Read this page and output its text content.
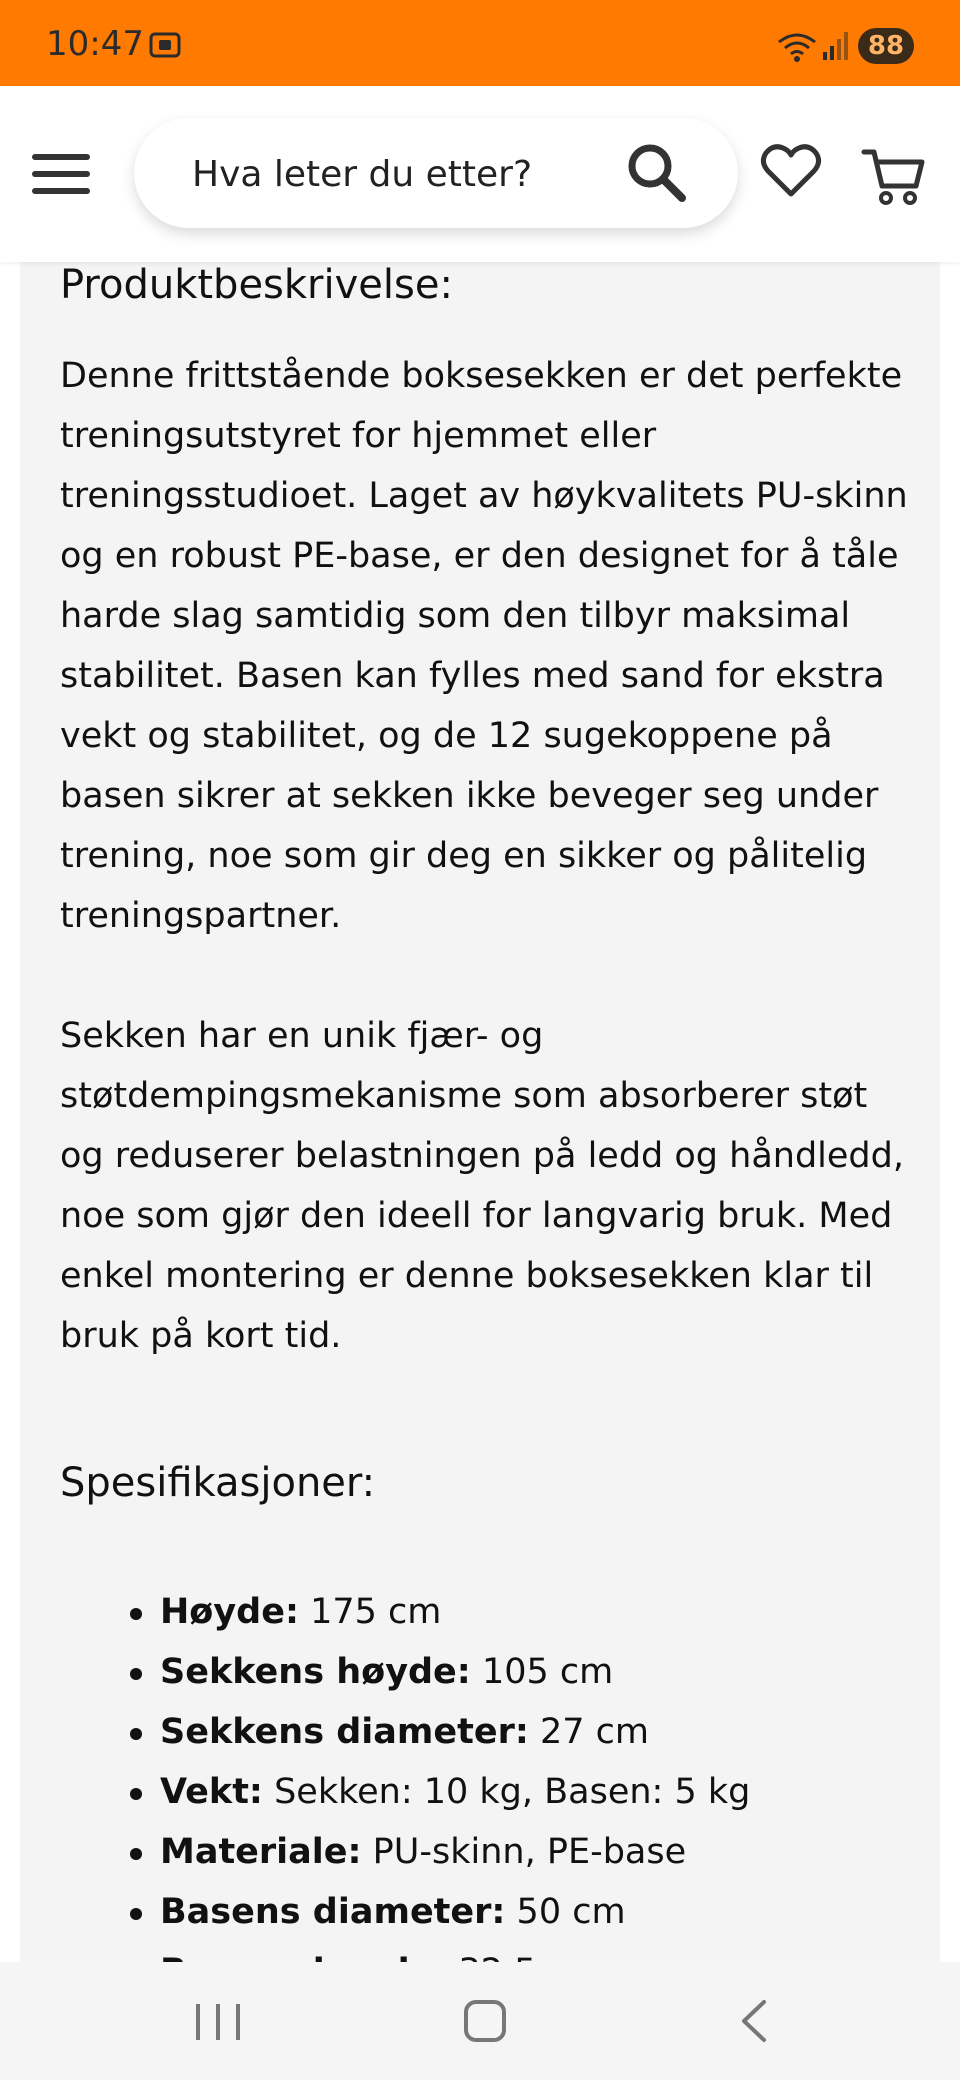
10:47	88
Hva leter du etter?
Produktbeskrivelse:

Denne frittstående boksesekken er det perfekte treningsutstyret for hjemmet eller treningsstudioet. Laget av høykvalitets PU-skinn og en robust PE-base, er den designet for å tåle harde slag samtidig som den tilbyr maksimal stabilitet. Basen kan fylles med sand for ekstra vekt og stabilitet, og de 12 sugekoppene på basen sikrer at sekken ikke beveger seg under trening, noe som gir deg en sikker og pålitelig treningspartner.

Sekken har en unik fjær- og støtdempingsmekanisme som absorberer støt og reduserer belastningen på ledd og håndledd, noe som gjør den ideell for langvarig bruk. Med enkel montering er denne boksesekken klar til bruk på kort tid.

Spesifikasjoner:
Høyde: 175 cm
Sekkens høyde: 105 cm
Sekkens diameter: 27 cm
Vekt: Sekken: 10 kg, Basen: 5 kg
Materiale: PU-skinn, PE-base
Basens diameter: 50 cm
